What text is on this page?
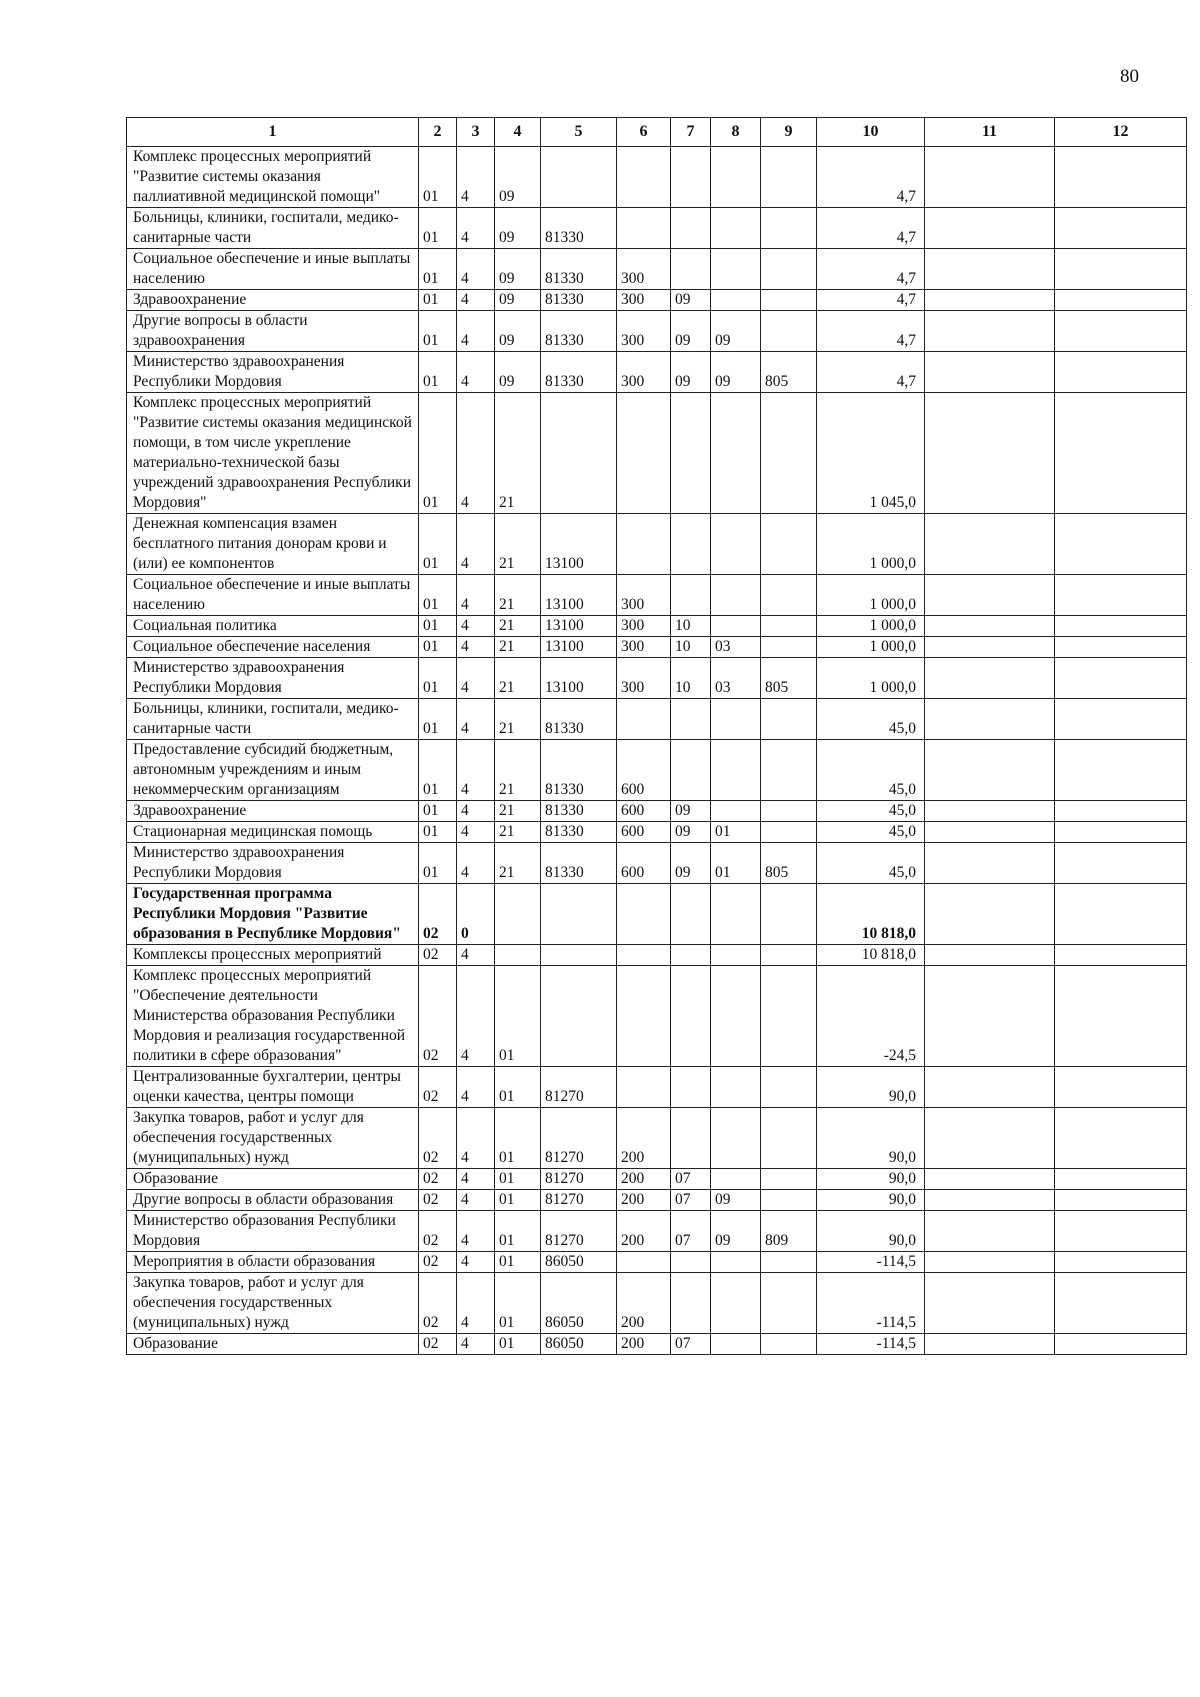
80
1	2	3	4	5	6	7	8	9	10	11	12
Комплекс процессных мероприятий "Развитие системы оказания паллиативной медицинской помощи"	01	4	09						4,7		
Больницы, клиники, госпитали, медико-санитарные части	01	4	09	81330					4,7		
Социальное обеспечение и иные выплаты населению	01	4	09	81330	300				4,7		
Здравоохранение	01	4	09	81330	300	09			4,7		
Другие вопросы в области здравоохранения	01	4	09	81330	300	09	09		4,7		
Министерство здравоохранения Республики Мордовия	01	4	09	81330	300	09	09	805	4,7		
Комплекс процессных мероприятий "Развитие системы оказания медицинской помощи, в том числе укрепление материально-технической базы учреждений здравоохранения Республики Мордовия"	01	4	21						1 045,0		
Денежная компенсация взамен бесплатного питания донорам крови и (или) ее компонентов	01	4	21	13100					1 000,0		
Социальное обеспечение и иные выплаты населению	01	4	21	13100	300				1 000,0		
Социальная политика	01	4	21	13100	300	10			1 000,0		
Социальное обеспечение населения	01	4	21	13100	300	10	03		1 000,0		
Министерство здравоохранения Республики Мордовия	01	4	21	13100	300	10	03	805	1 000,0		
Больницы, клиники, госпитали, медико-санитарные части	01	4	21	81330					45,0		
Предоставление субсидий бюджетным, автономным учреждениям и иным некоммерческим организациям	01	4	21	81330	600				45,0		
Здравоохранение	01	4	21	81330	600	09			45,0		
Стационарная медицинская помощь	01	4	21	81330	600	09	01		45,0		
Министерство здравоохранения Республики Мордовия	01	4	21	81330	600	09	01	805	45,0		
Государственная программа Республики Мордовия "Развитие образования в Республике Мордовия"	02	0							10 818,0		
Комплексы процессных мероприятий	02	4							10 818,0		
Комплекс процессных мероприятий "Обеспечение деятельности Министерства образования Республики Мордовия и реализация государственной политики в сфере образования"	02	4	01						-24,5		
Централизованные бухгалтерии, центры оценки качества, центры помощи	02	4	01	81270					90,0		
Закупка товаров, работ и услуг для обеспечения государственных (муниципальных) нужд	02	4	01	81270	200				90,0		
Образование	02	4	01	81270	200	07			90,0		
Другие вопросы в области образования	02	4	01	81270	200	07	09		90,0		
Министерство образования Республики Мордовия	02	4	01	81270	200	07	09	809	90,0		
Мероприятия в области образования	02	4	01	86050					-114,5		
Закупка товаров, работ и услуг для обеспечения государственных (муниципальных) нужд	02	4	01	86050	200				-114,5		
Образование	02	4	01	86050	200	07			-114,5		
